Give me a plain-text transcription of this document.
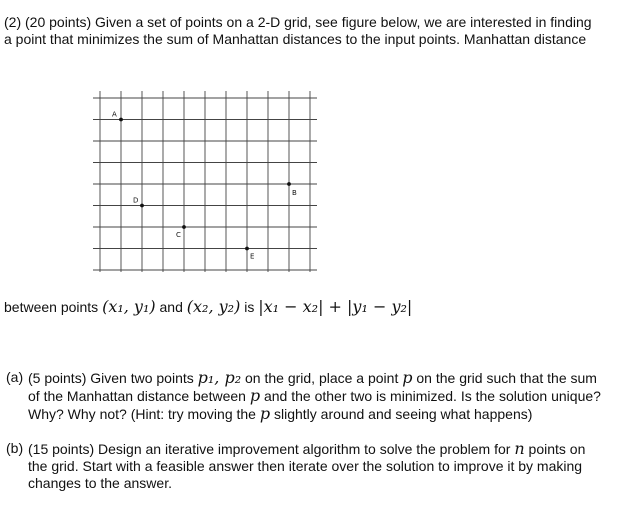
(2) (20 points) Given a set of points on a 2-D grid, see figure below, we are interested in finding
a point that minimizes the sum of Manhattan distances to the input points. Manhattan distance
A
B
D
C
E
between points (x₁, y₁) and (x₂, y₂) is |x₁ − x₂| + |y₁ − y₂|
(a) (5 points) Given two points p₁, p₂ on the grid, place a point p on the grid such that the sum
of the Manhattan distance between p and the other two is minimized. Is the solution unique?
Why? Why not? (Hint: try moving the p slightly around and seeing what happens)
(b) (15 points) Design an iterative improvement algorithm to solve the problem for n points on
the grid. Start with a feasible answer then iterate over the solution to improve it by making
changes to the answer.
